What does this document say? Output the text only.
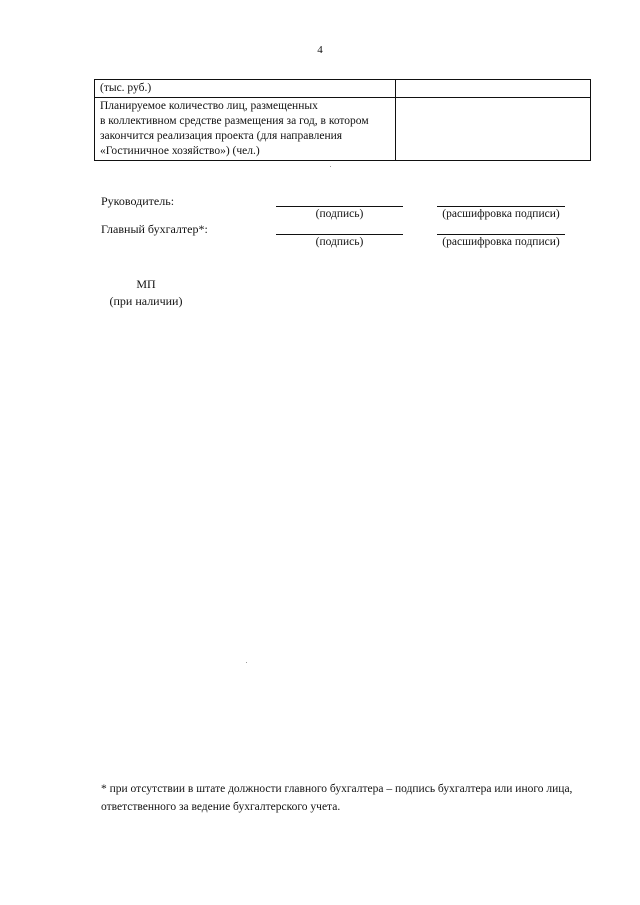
4
(тыс. руб.)	
Планируемое количество лиц, размещенных
в коллективном средстве размещения за год, в котором
закончится реализация проекта (для направления
«Гостиничное хозяйство») (чел.)	
Руководитель:
(подпись)	(расшифровка подписи)
Главный бухгалтер*:
(подпись)	(расшифровка подписи)
МП
(при наличии)
* при отсутствии в штате должности главного бухгалтера – подпись бухгалтера или иного лица, ответственного за ведение бухгалтерского учета.
